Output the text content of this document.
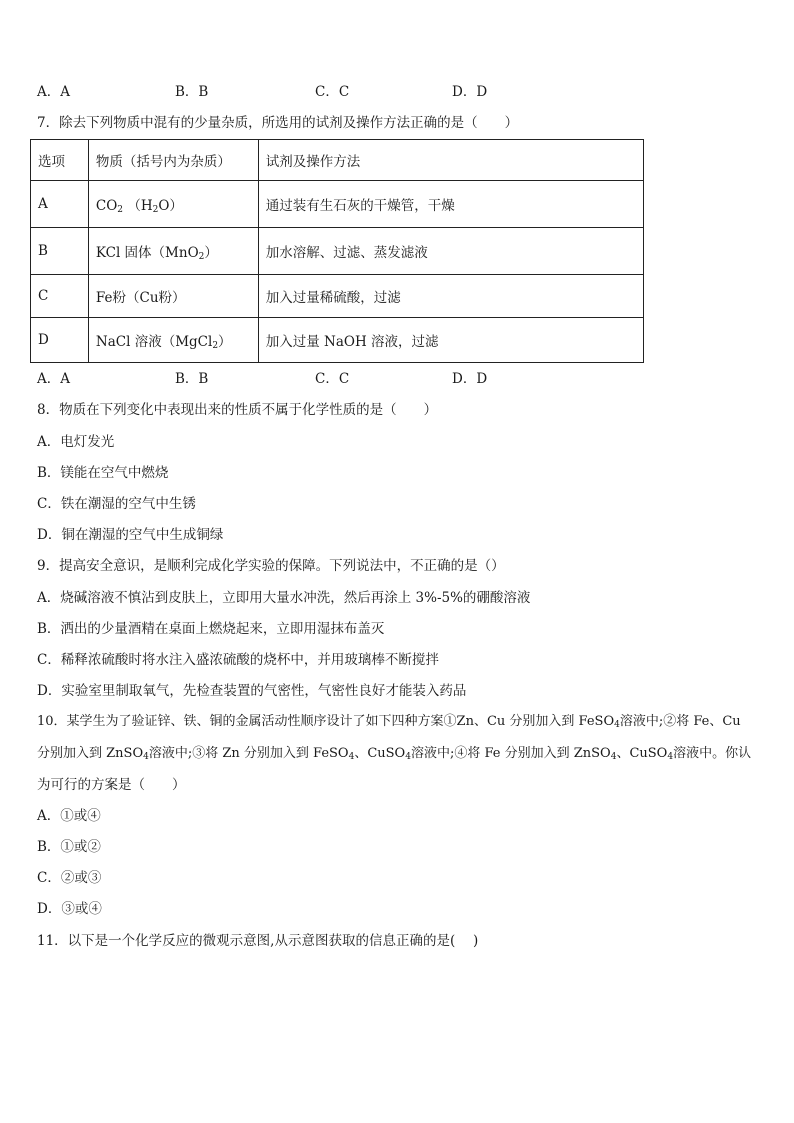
A．A	B．B	C．C	D．D
7．除去下列物质中混有的少量杂质，所选用的试剂及操作方法正确的是（　　）
选项	物质（括号内为杂质）	试剂及操作方法
A	$CO_2$ $(H_2O)$	通过装有生石灰的干燥管，干燥
B	KCl 固体（MnO$_2$）	加水溶解、过滤、蒸发滤液
C	Fe粉（Cu粉）	加入过量稀硫酸，过滤
D	NaCl 溶液（MgCl$_2$）	加入过量 NaOH 溶液，过滤
A．A	B．B	C．C	D．D
8．物质在下列变化中表现出来的性质不属于化学性质的是（　　）
A．电灯发光
B．镁能在空气中燃烧
C．铁在潮湿的空气中生锈
D．铜在潮湿的空气中生成铜绿
9．提高安全意识，是顺利完成化学实验的保障。下列说法中，不正确的是（）
A．烧碱溶液不慎沾到皮肤上，立即用大量水冲洗，然后再涂上 3%-5%的硼酸溶液
B．洒出的少量酒精在桌面上燃烧起来，立即用湿抹布盖灭
C．稀释浓硫酸时将水注入盛浓硫酸的烧杯中，并用玻璃棒不断搅拌
D．实验室里制取氧气，先检查装置的气密性，气密性良好才能装入药品
10．某学生为了验证锌、铁、铜的金属活动性顺序设计了如下四种方案①Zn、Cu 分别加入到 FeSO$_4$溶液中;②将 Fe、Cu
分别加入到 ZnSO$_4$溶液中;③将 Zn 分别加入到 FeSO$_4$、CuSO$_4$溶液中;④将 Fe 分别加入到 ZnSO$_4$、CuSO$_4$溶液中。你认
为可行的方案是（　　）
A．①或④
B．①或②
C．②或③
D．③或④
11．以下是一个化学反应的微观示意图,从示意图获取的信息正确的是(　 )
